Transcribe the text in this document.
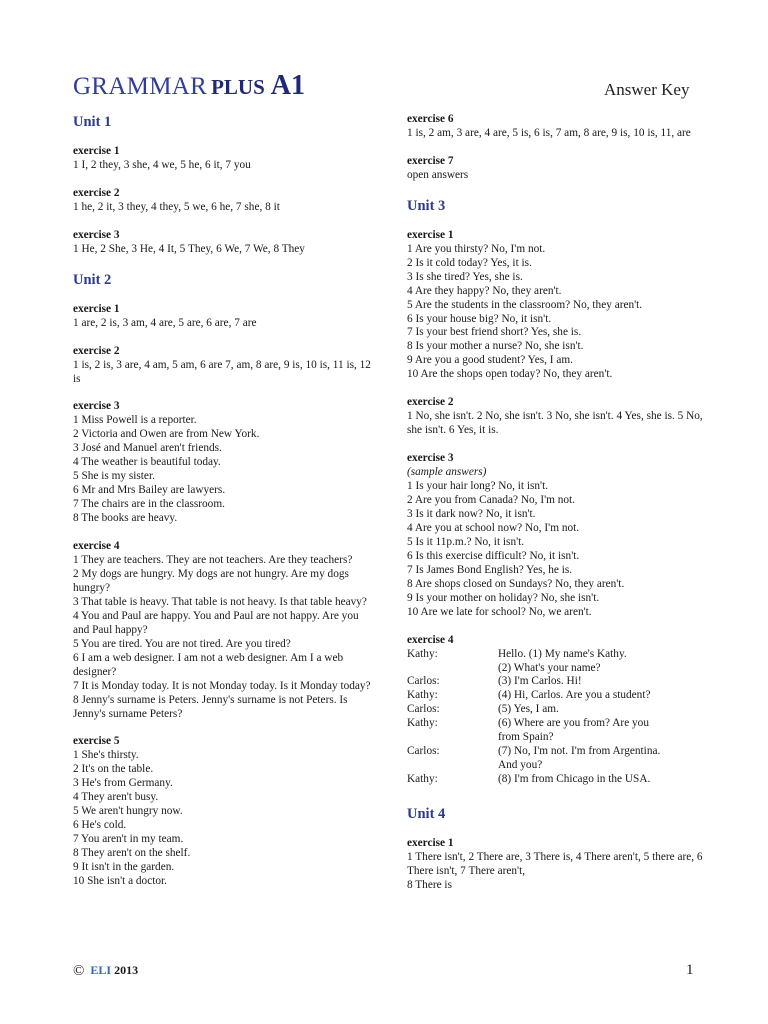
GRAMMAR PLUS A1	Answer Key
Unit 1
exercise 1
1 I, 2 they, 3 she, 4 we, 5 he, 6 it, 7 you
exercise 2
1 he, 2 it, 3 they, 4 they, 5 we, 6 he, 7 she, 8 it
exercise 3
1 He, 2 She, 3 He, 4 It, 5 They, 6 We, 7 We, 8 They
Unit 2
exercise 1
1 are, 2 is, 3 am, 4 are, 5 are, 6 are, 7 are
exercise 2
1 is, 2 is, 3 are, 4 am, 5 am, 6 are 7, am, 8 are, 9 is, 10 is, 11 is, 12 is
exercise 3
1 Miss Powell is a reporter.
2 Victoria and Owen are from New York.
3 José and Manuel aren't friends.
4 The weather is beautiful today.
5 She is my sister.
6 Mr and Mrs Bailey are lawyers.
7 The chairs are in the classroom.
8 The books are heavy.
exercise 4
1 They are teachers. They are not teachers. Are they teachers?
2 My dogs are hungry. My dogs are not hungry. Are my dogs hungry?
3 That table is heavy. That table is not heavy. Is that table heavy?
4 You and Paul are happy. You and Paul are not happy. Are you and Paul happy?
5 You are tired. You are not tired. Are you tired?
6 I am a web designer. I am not a web designer. Am I a web designer?
7 It is Monday today. It is not Monday today. Is it Monday today?
8 Jenny's surname is Peters. Jenny's surname is not Peters. Is Jenny's surname Peters?
exercise 5
1 She's thirsty.
2 It's on the table.
3 He's from Germany.
4 They aren't busy.
5 We aren't hungry now.
6 He's cold.
7 You aren't in my team.
8 They aren't on the shelf.
9 It isn't in the garden.
10 She isn't a doctor.
exercise 6
1 is, 2 am, 3 are, 4 are, 5 is, 6 is, 7 am, 8 are, 9 is, 10 is, 11, are
exercise 7
open answers
Unit 3
exercise 1
1 Are you thirsty? No, I'm not.
2 Is it cold today? Yes, it is.
3 Is she tired? Yes, she is.
4 Are they happy? No, they aren't.
5 Are the students in the classroom? No, they aren't.
6 Is your house big? No, it isn't.
7 Is your best friend short? Yes, she is.
8 Is your mother a nurse? No, she isn't.
9 Are you a good student? Yes, I am.
10 Are the shops open today? No, they aren't.
exercise 2
1 No, she isn't. 2 No, she isn't. 3 No, she isn't. 4 Yes, she is. 5 No, she isn't. 6 Yes, it is.
exercise 3
(sample answers)
1 Is your hair long? No, it isn't.
2 Are you from Canada? No, I'm not.
3 Is it dark now? No, it isn't.
4 Are you at school now? No, I'm not.
5 Is it 11p.m.? No, it isn't.
6 Is this exercise difficult? No, it isn't.
7 Is James Bond English? Yes, he is.
8 Are shops closed on Sundays? No, they aren't.
9 Is your mother on holiday? No, she isn't.
10 Are we late for school? No, we aren't.
exercise 4
Kathy:	Hello. (1) My name's Kathy.
(2) What's your name?

Carlos:	(3) I'm Carlos. Hi!

Kathy:	(4) Hi, Carlos. Are you a student?

Carlos:	(5) Yes, I am.

Kathy:	(6) Where are you from? Are you
from Spain?

Carlos:	(7) No, I'm not. I'm from Argentina.
And you?

Kathy:	(8) I'm from Chicago in the USA.
Unit 4
exercise 1
1 There isn't, 2 There are, 3 There is, 4 There aren't, 5 there are, 6 There isn't, 7 There aren't,
8 There is
© ELI 2013	1
